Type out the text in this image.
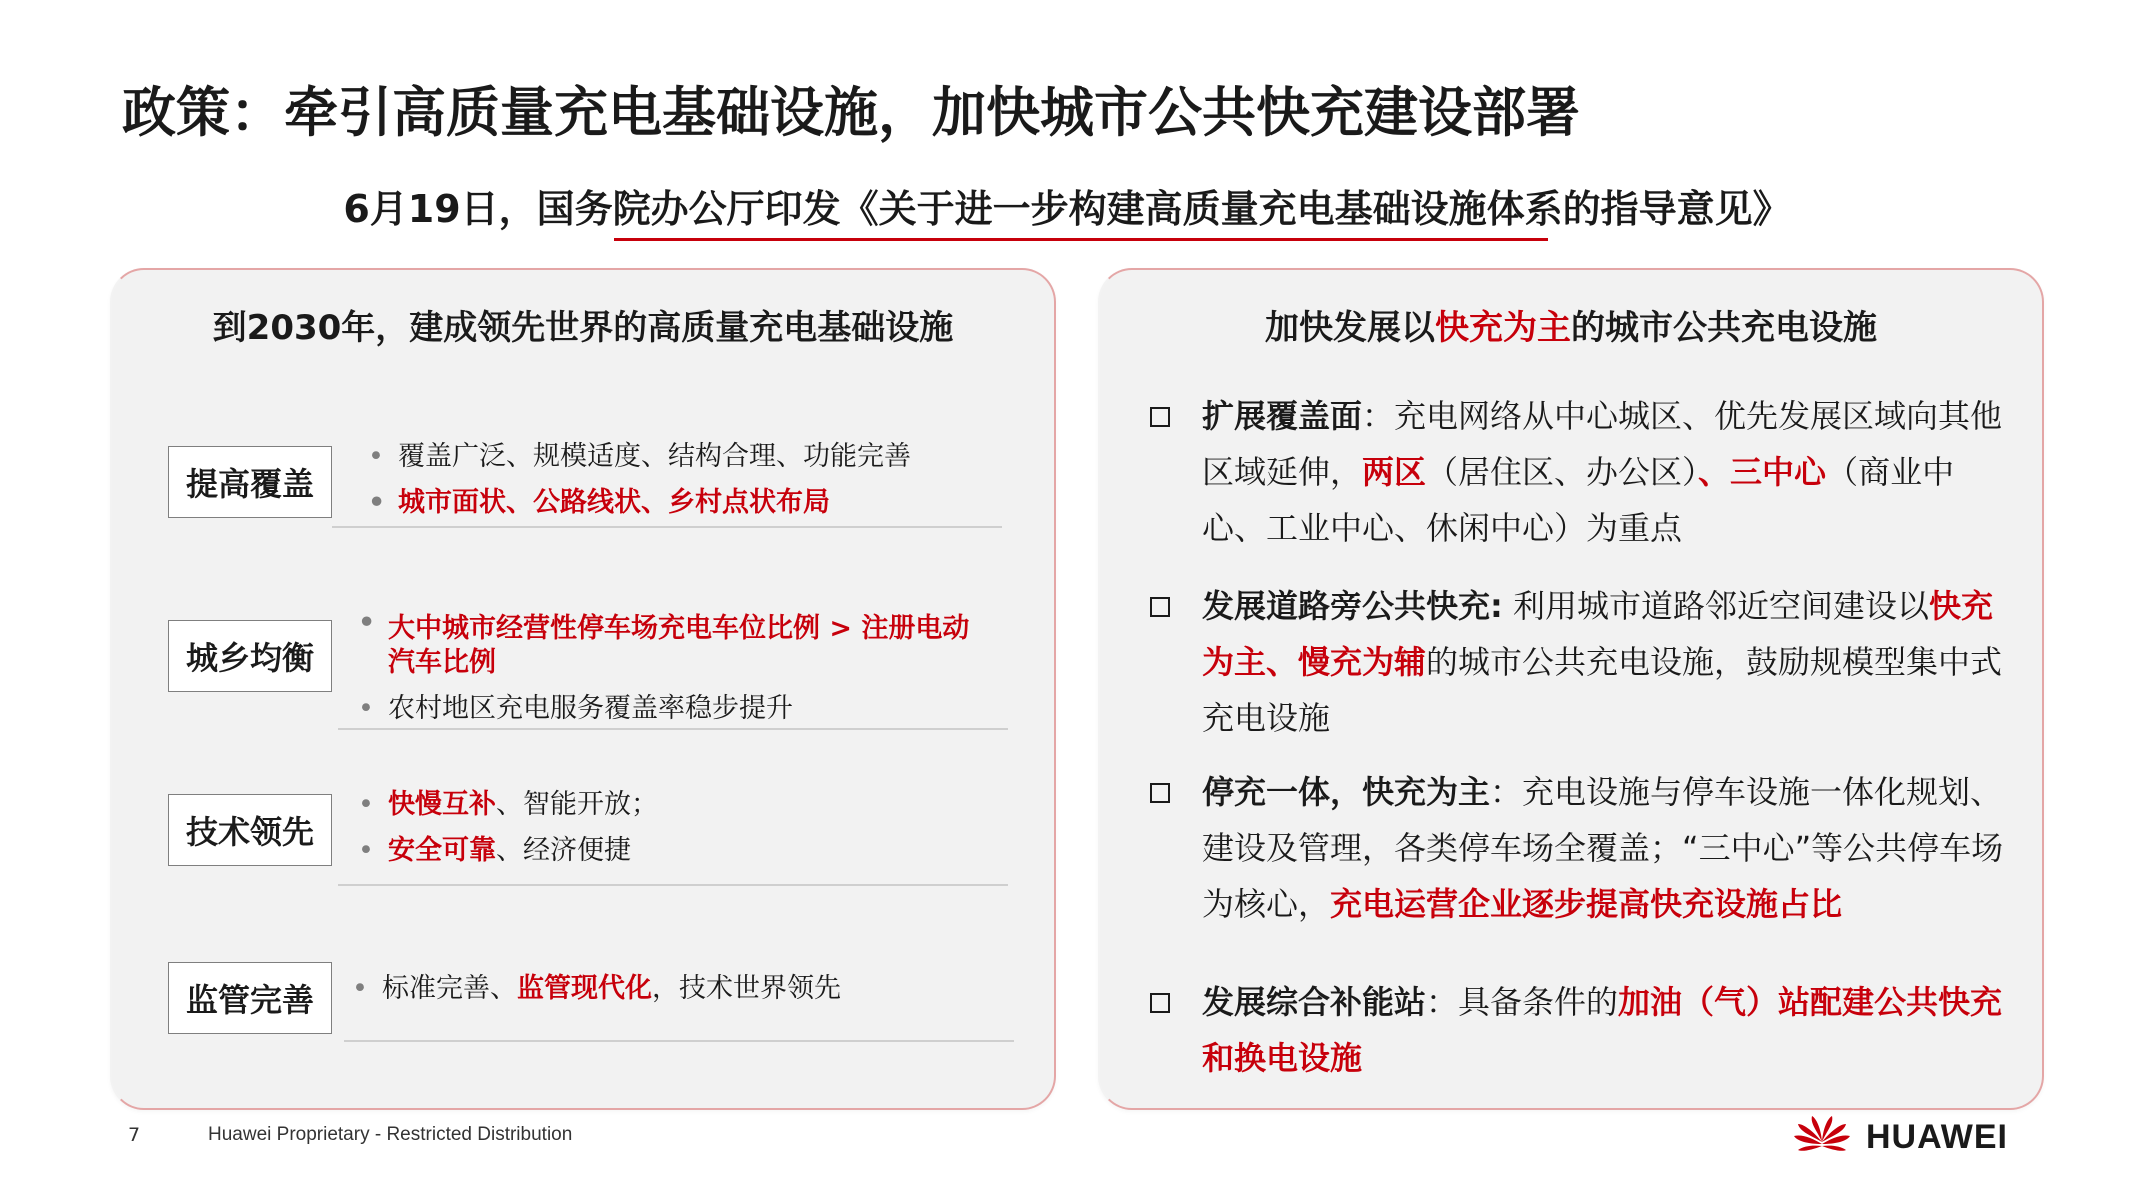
政策：牵引高质量充电基础设施，加快城市公共快充建设部署
6月19日，国务院办公厅印发《关于进一步构建高质量充电基础设施体系的指导意见》
到2030年，建成领先世界的高质量充电基础设施
提高覆盖
• 覆盖广泛、规模适度、结构合理、功能完善
• 城市面状、公路线状、乡村点状布局
城乡均衡
• 大中城市经营性停车场充电车位比例 > 注册电动汽车比例
• 农村地区充电服务覆盖率稳步提升
技术领先
• 快慢互补、智能开放；
• 安全可靠、经济便捷
监管完善
•	标准完善、监管现代化，技术世界领先
加快发展以快充为主的城市公共充电设施
扩展覆盖面：充电网络从中心城区、优先发展区域向其他区域延伸，两区（居住区、办公区）、三中心（商业中心、工业中心、休闲中心）为重点
发展道路旁公共快充: 利用城市道路邻近空间建设以快充为主、慢充为辅的城市公共充电设施，鼓励规模型集中式充电设施
停充一体，快充为主：充电设施与停车设施一体化规划、建设及管理，各类停车场全覆盖；“三中心”等公共停车场为核心，充电运营企业逐步提高快充设施占比
发展综合补能站：具备条件的加油（气）站配建公共快充和换电设施
7	Huawei Proprietary - Restricted Distribution	HUAWEI
